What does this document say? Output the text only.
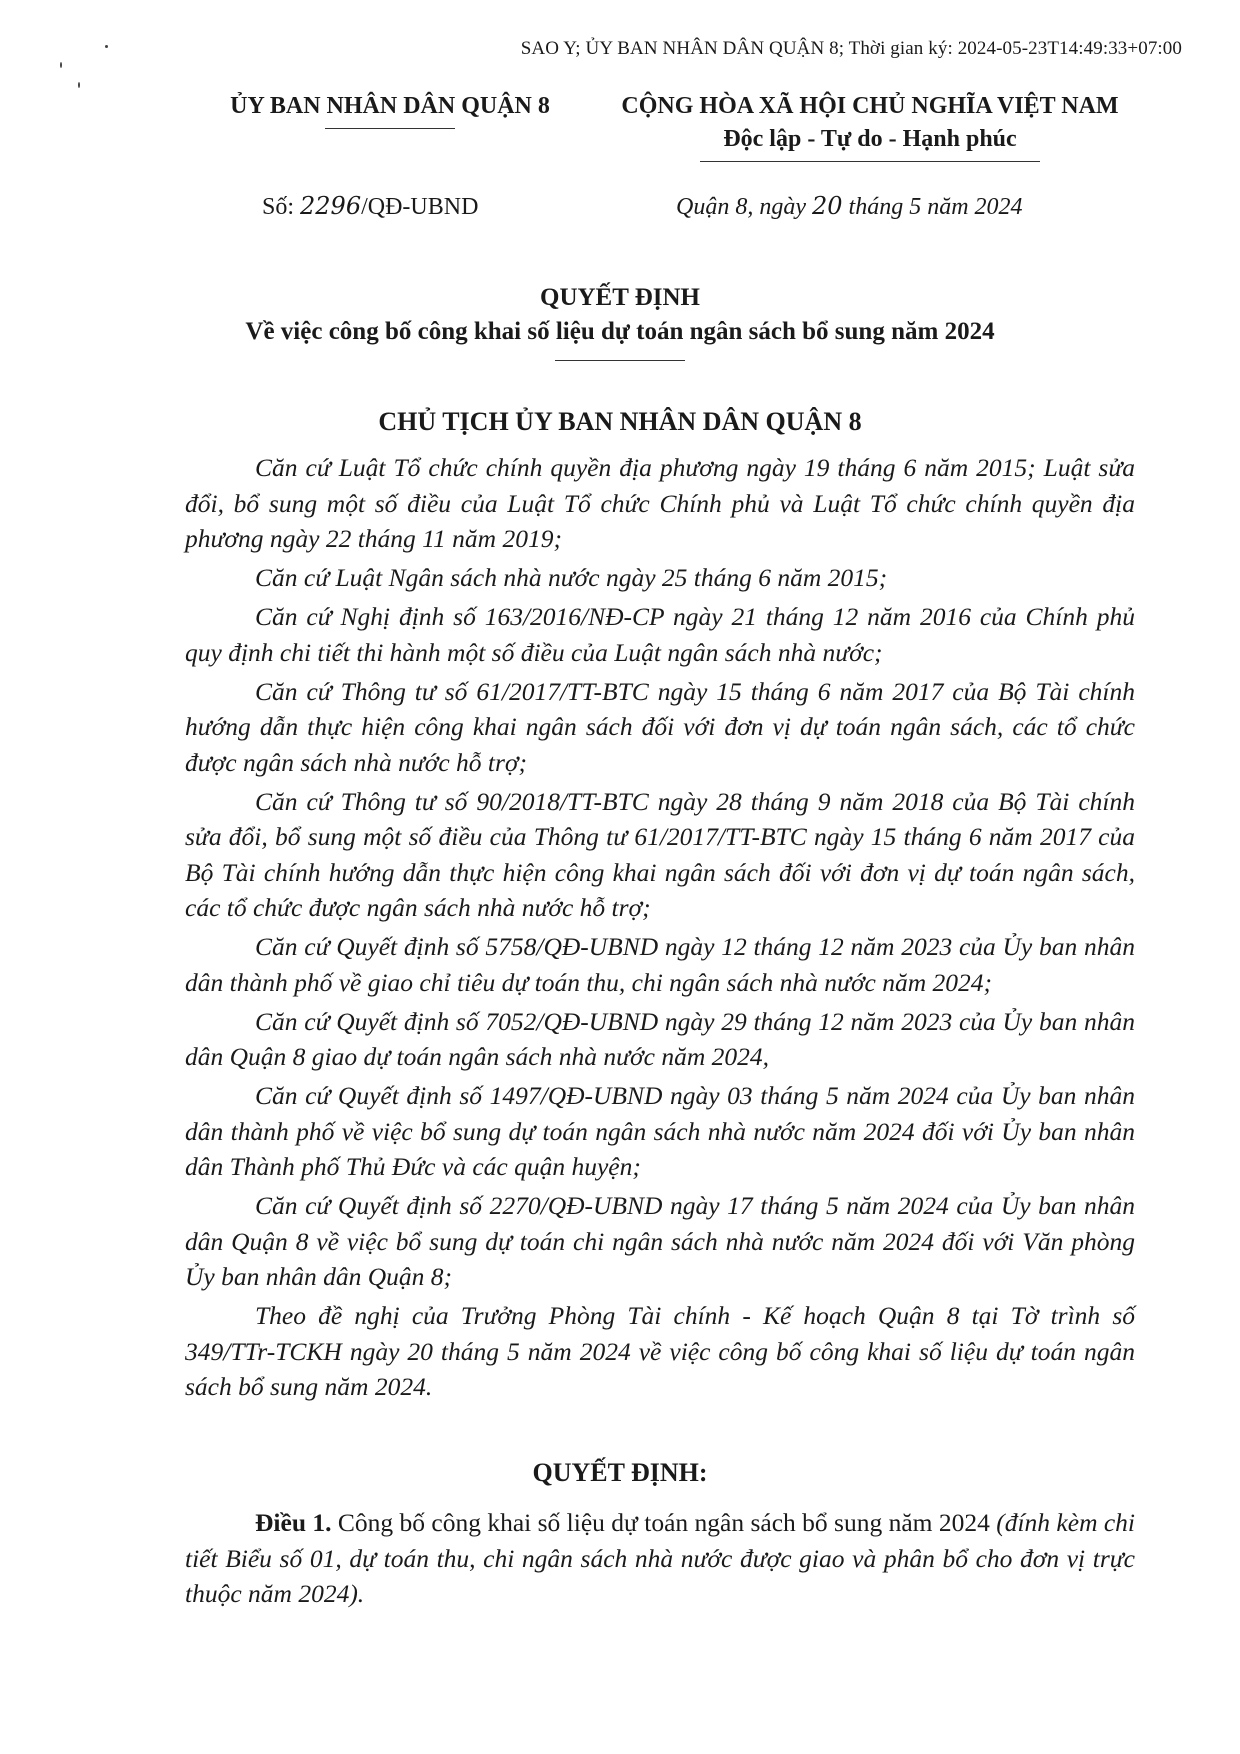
SAO Y; ỦY BAN NHÂN DÂN QUẬN 8; Thời gian ký: 2024-05-23T14:49:33+07:00
ỦY BAN NHÂN DÂN QUẬN 8	CỘNG HÒA XÃ HỘI CHỦ NGHĨA VIỆT NAM
Độc lập - Tự do - Hạnh phúc
Số: 2296/QĐ-UBND	Quận 8, ngày 20 tháng 5 năm 2024
QUYẾT ĐỊNH
Về việc công bố công khai số liệu dự toán ngân sách bổ sung năm 2024
CHỦ TỊCH ỦY BAN NHÂN DÂN QUẬN 8

Căn cứ Luật Tổ chức chính quyền địa phương ngày 19 tháng 6 năm 2015; Luật sửa đổi, bổ sung một số điều của Luật Tổ chức Chính phủ và Luật Tổ chức chính quyền địa phương ngày 22 tháng 11 năm 2019;

Căn cứ Luật Ngân sách nhà nước ngày 25 tháng 6 năm 2015;

Căn cứ Nghị định số 163/2016/NĐ-CP ngày 21 tháng 12 năm 2016 của Chính phủ quy định chi tiết thi hành một số điều của Luật ngân sách nhà nước;

Căn cứ Thông tư số 61/2017/TT-BTC ngày 15 tháng 6 năm 2017 của Bộ Tài chính hướng dẫn thực hiện công khai ngân sách đối với đơn vị dự toán ngân sách, các tổ chức được ngân sách nhà nước hỗ trợ;

Căn cứ Thông tư số 90/2018/TT-BTC ngày 28 tháng 9 năm 2018 của Bộ Tài chính sửa đổi, bổ sung một số điều của Thông tư 61/2017/TT-BTC ngày 15 tháng 6 năm 2017 của Bộ Tài chính hướng dẫn thực hiện công khai ngân sách đối với đơn vị dự toán ngân sách, các tổ chức được ngân sách nhà nước hỗ trợ;

Căn cứ Quyết định số 5758/QĐ-UBND ngày 12 tháng 12 năm 2023 của Ủy ban nhân dân thành phố về giao chỉ tiêu dự toán thu, chi ngân sách nhà nước năm 2024;

Căn cứ Quyết định số 7052/QĐ-UBND ngày 29 tháng 12 năm 2023 của Ủy ban nhân dân Quận 8 giao dự toán ngân sách nhà nước năm 2024,

Căn cứ Quyết định số 1497/QĐ-UBND ngày 03 tháng 5 năm 2024 của Ủy ban nhân dân thành phố về việc bổ sung dự toán ngân sách nhà nước năm 2024 đối với Ủy ban nhân dân Thành phố Thủ Đức và các quận huyện;

Căn cứ Quyết định số 2270/QĐ-UBND ngày 17 tháng 5 năm 2024 của Ủy ban nhân dân Quận 8 về việc bổ sung dự toán chi ngân sách nhà nước năm 2024 đối với Văn phòng Ủy ban nhân dân Quận 8;

Theo đề nghị của Trưởng Phòng Tài chính - Kế hoạch Quận 8 tại Tờ trình số 349/TTr-TCKH ngày 20 tháng 5 năm 2024 về việc công bố công khai số liệu dự toán ngân sách bổ sung năm 2024.

QUYẾT ĐỊNH:
Điều 1. Công bố công khai số liệu dự toán ngân sách bổ sung năm 2024 (đính kèm chi tiết Biểu số 01, dự toán thu, chi ngân sách nhà nước được giao và phân bổ cho đơn vị trực thuộc năm 2024).
